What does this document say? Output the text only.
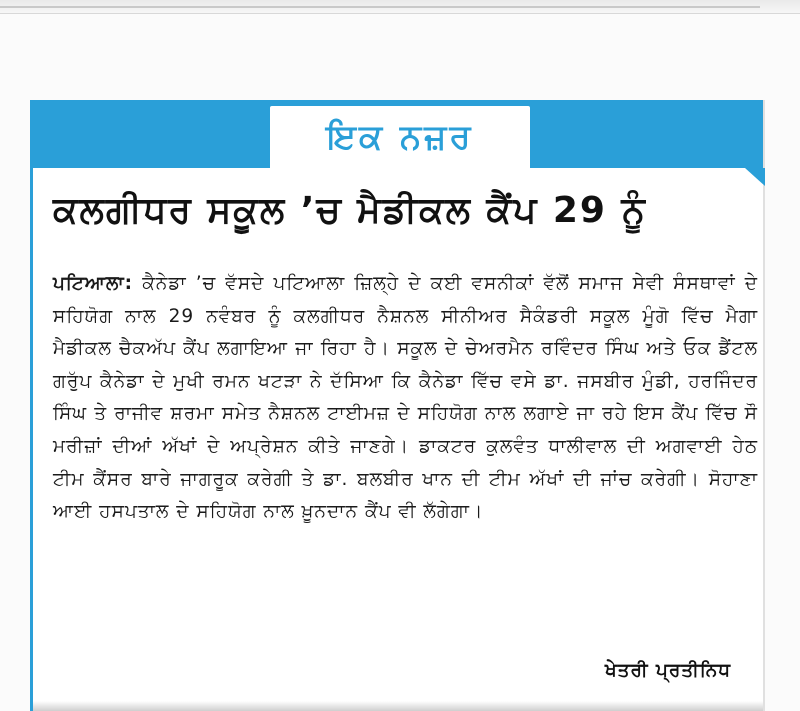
ਇਕ ਨਜ਼ਰ
ਕਲਗੀਧਰ ਸਕੂਲ ’ਚ ਮੈਡੀਕਲ ਕੈਂਪ 29 ਨੂੰ

ਪਟਿਆਲਾ: ਕੈਨੇਡਾ ’ਚ ਵੱਸਦੇ ਪਟਿਆਲਾ ਜ਼ਿਲ੍ਹੇ ਦੇ ਕਈ ਵਸਨੀਕਾਂ ਵੱਲੋਂ ਸਮਾਜ ਸੇਵੀ ਸੰਸਥਾਵਾਂ ਦੇ ਸਹਿਯੋਗ ਨਾਲ 29 ਨਵੰਬਰ ਨੂੰ ਕਲਗੀਧਰ ਨੈਸ਼ਨਲ ਸੀਨੀਅਰ ਸੈਕੰਡਰੀ ਸਕੂਲ ਮੂੰਗੋ ਵਿੱਚ ਮੈਗਾ ਮੈਡੀਕਲ ਚੈਕਅੱਪ ਕੈਂਪ ਲਗਾਇਆ ਜਾ ਰਿਹਾ ਹੈ। ਸਕੂਲ ਦੇ ਚੇਅਰਮੈਨ ਰਵਿੰਦਰ ਸਿੰਘ ਅਤੇ ਓਕ ਡੈਂਟਲ ਗਰੁੱਪ ਕੈਨੇਡਾ ਦੇ ਮੁਖੀ ਰਮਨ ਖਟੜਾ ਨੇ ਦੱਸਿਆ ਕਿ ਕੈਨੇਡਾ ਵਿੱਚ ਵਸੇ ਡਾ. ਜਸਬੀਰ ਮੁੰਡੀ, ਹਰਜਿੰਦਰ ਸਿੰਘ ਤੇ ਰਾਜੀਵ ਸ਼ਰਮਾ ਸਮੇਤ ਨੈਸ਼ਨਲ ਟਾਈਮਜ਼ ਦੇ ਸਹਿਯੋਗ ਨਾਲ ਲਗਾਏ ਜਾ ਰਹੇ ਇਸ ਕੈਂਪ ਵਿੱਚ ਸੌ ਮਰੀਜ਼ਾਂ ਦੀਆਂ ਅੱਖਾਂ ਦੇ ਅਪ੍ਰੇਸ਼ਨ ਕੀਤੇ ਜਾਣਗੇ। ਡਾਕਟਰ ਕੁਲਵੰਤ ਧਾਲੀਵਾਲ ਦੀ ਅਗਵਾਈ ਹੇਠ ਟੀਮ ਕੈਂਸਰ ਬਾਰੇ ਜਾਗਰੂਕ ਕਰੇਗੀ ਤੇ ਡਾ. ਬਲਬੀਰ ਖਾਨ ਦੀ ਟੀਮ ਅੱਖਾਂ ਦੀ ਜਾਂਚ ਕਰੇਗੀ। ਸੋਹਾਣਾ ਆਈ ਹਸਪਤਾਲ ਦੇ ਸਹਿਯੋਗ ਨਾਲ ਖ਼ੂਨਦਾਨ ਕੈਂਪ ਵੀ ਲੱਗੇਗਾ।

ਖੇਤਰੀ ਪ੍ਰਤੀਨਿਧ
